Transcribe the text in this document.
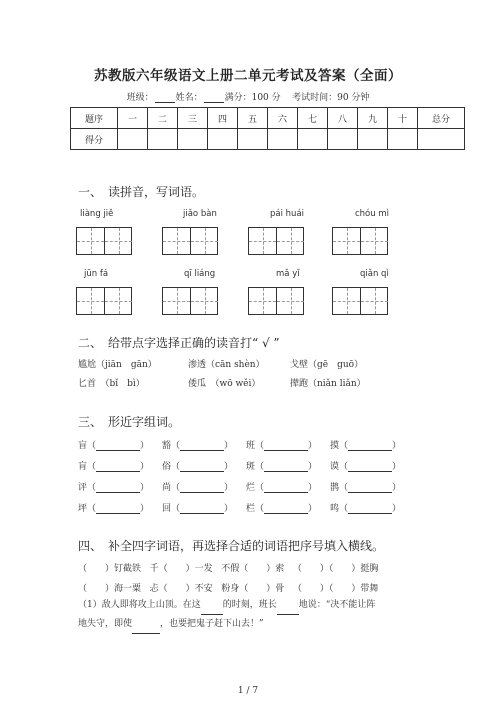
苏教版六年级语文上册二单元考试及答案（全面）
班级： 姓名： 满分：100 分 考试时间：90 分钟
题序	一	二	三	四	五	六	七	八	九	十	总分
得分											
一、　读拼音，写词语。
liàng jiě	jiǎo bàn	pái huái	chóu mì
jūn fá	qī liáng	mǎ yǐ	qiǎn qì
二、　给带点字选择正确的读音打“ √ ”
尴尬（jiān　gān）	渗透（cān shèn）	戈壁（gē　guō）
匕首　（bǐ　bì）	倭瓜　（wō wěi）	撵跑（niǎn liǎn）
三、　形近字组词。
盲（	） 豁（	） 班（	） 摸（	）
肓（	） 俗（	） 斑（	） 谟（	）
评（	） 尚（	） 烂（	） 鹊（	）
坪（	） 回（	） 栏（	） 鸣（	）
四、　补全四字词语，再选择合适的词语把序号填入横线。
（　　）钉截铁 千（　　）一发 不假（　　）索 （　　）（　　）挺胸
（　　）海一粟 忐（　　）不安 粉身（　　）骨 （　　）（　　）带舞
（1）敌人即将攻上山顶。在这 的时刻，班长 地说：“决不能让阵
地失守，即使	，也要把鬼子赶下山去！”
1 / 7
